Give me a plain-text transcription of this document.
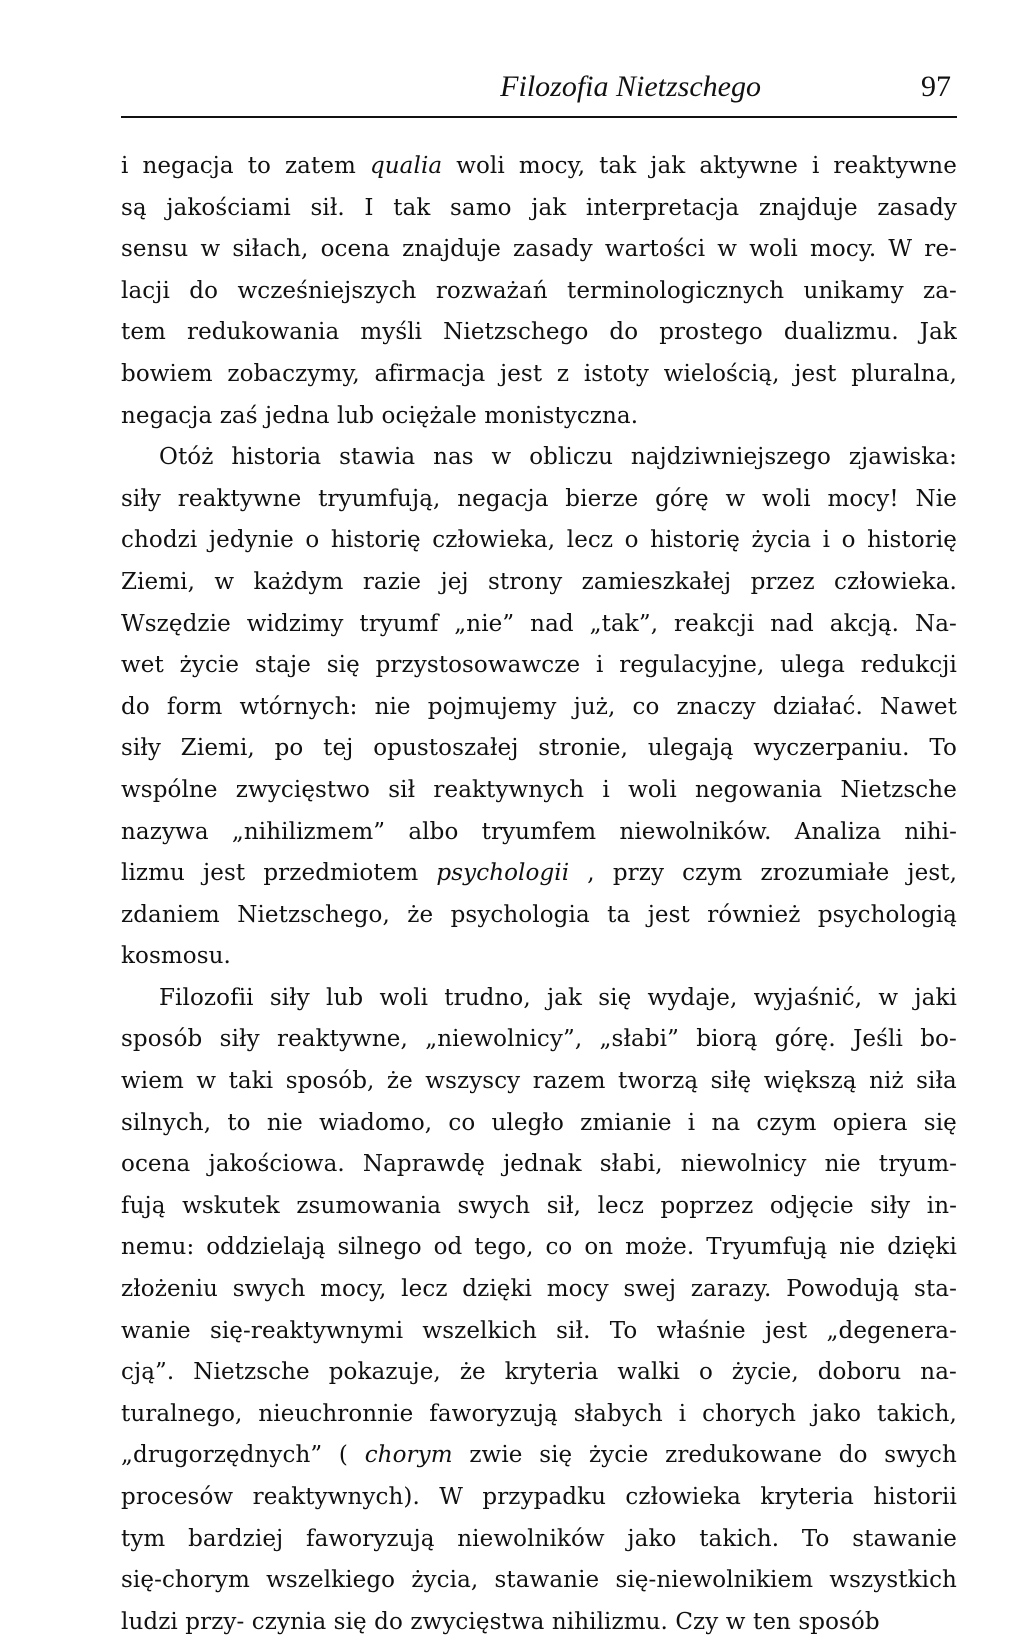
Filozofia Nietzschego	97
i negacja to zatem qualia woli mocy, tak jak aktywne i reaktywne
są jakościami sił. I tak samo jak interpretacja znajduje zasady
sensu w siłach, ocena znajduje zasady wartości w woli mocy. W re-
lacji do wcześniejszych rozważań terminologicznych unikamy za-
tem redukowania myśli Nietzschego do prostego dualizmu. Jak
bowiem zobaczymy, afirmacja jest z istoty wielością, jest pluralna,
negacja zaś jedna lub ociężale monistyczna.
Otóż historia stawia nas w obliczu najdziwniejszego zjawiska:
siły reaktywne tryumfują, negacja bierze górę w woli mocy! Nie
chodzi jedynie o historię człowieka, lecz o historię życia i o historię
Ziemi, w każdym razie jej strony zamieszkałej przez człowieka.
Wszędzie widzimy tryumf „nie” nad „tak”, reakcji nad akcją. Na-
wet życie staje się przystosowawcze i regulacyjne, ulega redukcji
do form wtórnych: nie pojmujemy już, co znaczy działać. Nawet
siły Ziemi, po tej opustoszałej stronie, ulegają wyczerpaniu. To
wspólne zwycięstwo sił reaktywnych i woli negowania Nietzsche
nazywa „nihilizmem” albo tryumfem niewolników. Analiza nihi-
lizmu jest przedmiotem psychologii , przy czym zrozumiałe jest,
zdaniem Nietzschego, że psychologia ta jest również psychologią
kosmosu.
Filozofii siły lub woli trudno, jak się wydaje, wyjaśnić, w jaki
sposób siły reaktywne, „niewolnicy”, „słabi” biorą górę. Jeśli bo-
wiem w taki sposób, że wszyscy razem tworzą siłę większą niż siła
silnych, to nie wiadomo, co uległo zmianie i na czym opiera się
ocena jakościowa. Naprawdę jednak słabi, niewolnicy nie tryum-
fują wskutek zsumowania swych sił, lecz poprzez odjęcie siły in-
nemu: oddzielają silnego od tego, co on może. Tryumfują nie dzięki
złożeniu swych mocy, lecz dzięki mocy swej zarazy. Powodują sta-
wanie się-reaktywnymi wszelkich sił. To właśnie jest „degenera-
cją”. Nietzsche pokazuje, że kryteria walki o życie, doboru na-
turalnego, nieuchronnie faworyzują słabych i chorych jako takich,
„drugorzędnych” ( chorym zwie się życie zredukowane do swych
procesów reaktywnych). W przypadku człowieka kryteria historii
tym bardziej faworyzują niewolników jako takich. To stawanie
się-chorym wszelkiego życia, stawanie się-niewolnikiem wszystkich
ludzi przy- czynia się do zwycięstwa nihilizmu. Czy w ten sposób
